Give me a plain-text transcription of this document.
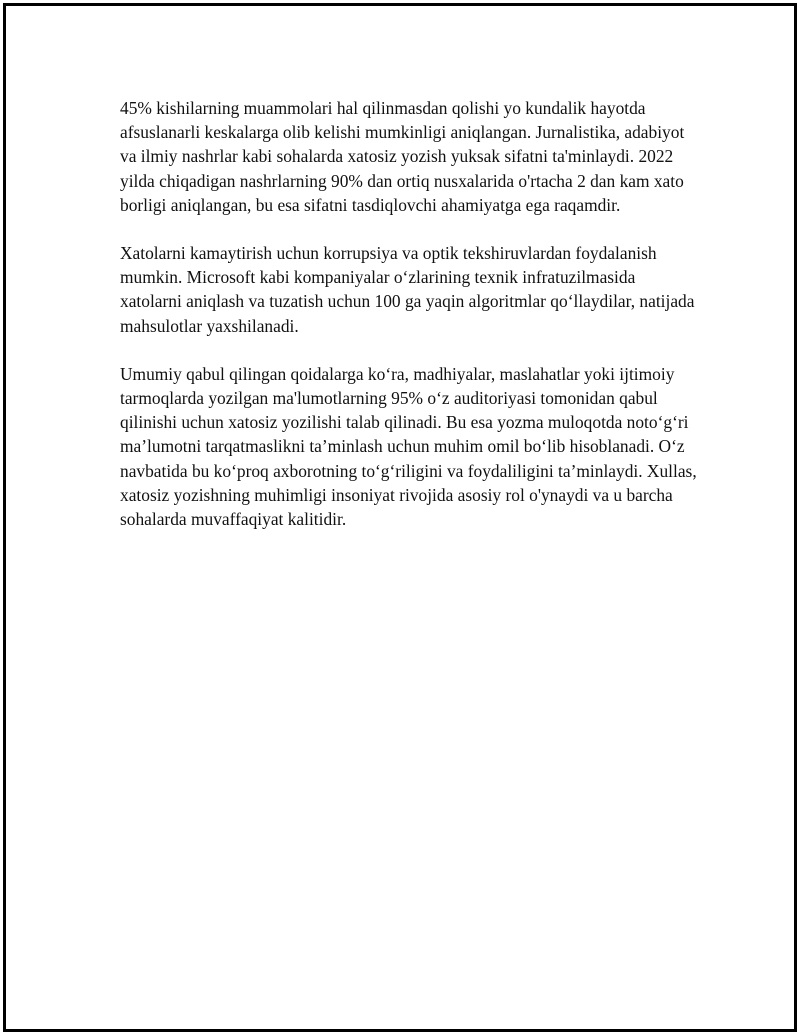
45% kishilarning muammolari hal qilinmasdan qolishi yo kundalik hayotda afsuslanarli keskalarga olib kelishi mumkinligi aniqlangan. Jurnalistika, adabiyot va ilmiy nashrlar kabi sohalarda xatosiz yozish yuksak sifatni ta'minlaydi. 2022 yilda chiqadigan nashrlarning 90% dan ortiq nusxalarida o'rtacha 2 dan kam xato borligi aniqlangan, bu esa sifatni tasdiqlovchi ahamiyatga ega raqamdir.

Xatolarni kamaytirish uchun korrupsiya va optik tekshiruvlardan foydalanish mumkin. Microsoft kabi kompaniyalar o‘zlarining texnik infratuzilmasida xatolarni aniqlash va tuzatish uchun 100 ga yaqin algoritmlar qo‘llaydilar, natijada mahsulotlar yaxshilanadi.

Umumiy qabul qilingan qoidalarga ko‘ra, madhiyalar, maslahatlar yoki ijtimoiy tarmoqlarda yozilgan ma'lumotlarning 95% o‘z auditoriyasi tomonidan qabul qilinishi uchun xatosiz yozilishi talab qilinadi. Bu esa yozma muloqotda noto‘g‘ri ma’lumotni tarqatmaslikni ta’minlash uchun muhim omil bo‘lib hisoblanadi. O‘z navbatida bu ko‘proq axborotning to‘g‘riligini va foydaliligini ta’minlaydi. Xullas, xatosiz yozishning muhimligi insoniyat rivojida asosiy rol o'ynaydi va u barcha sohalarda muvaffaqiyat kalitidir.
